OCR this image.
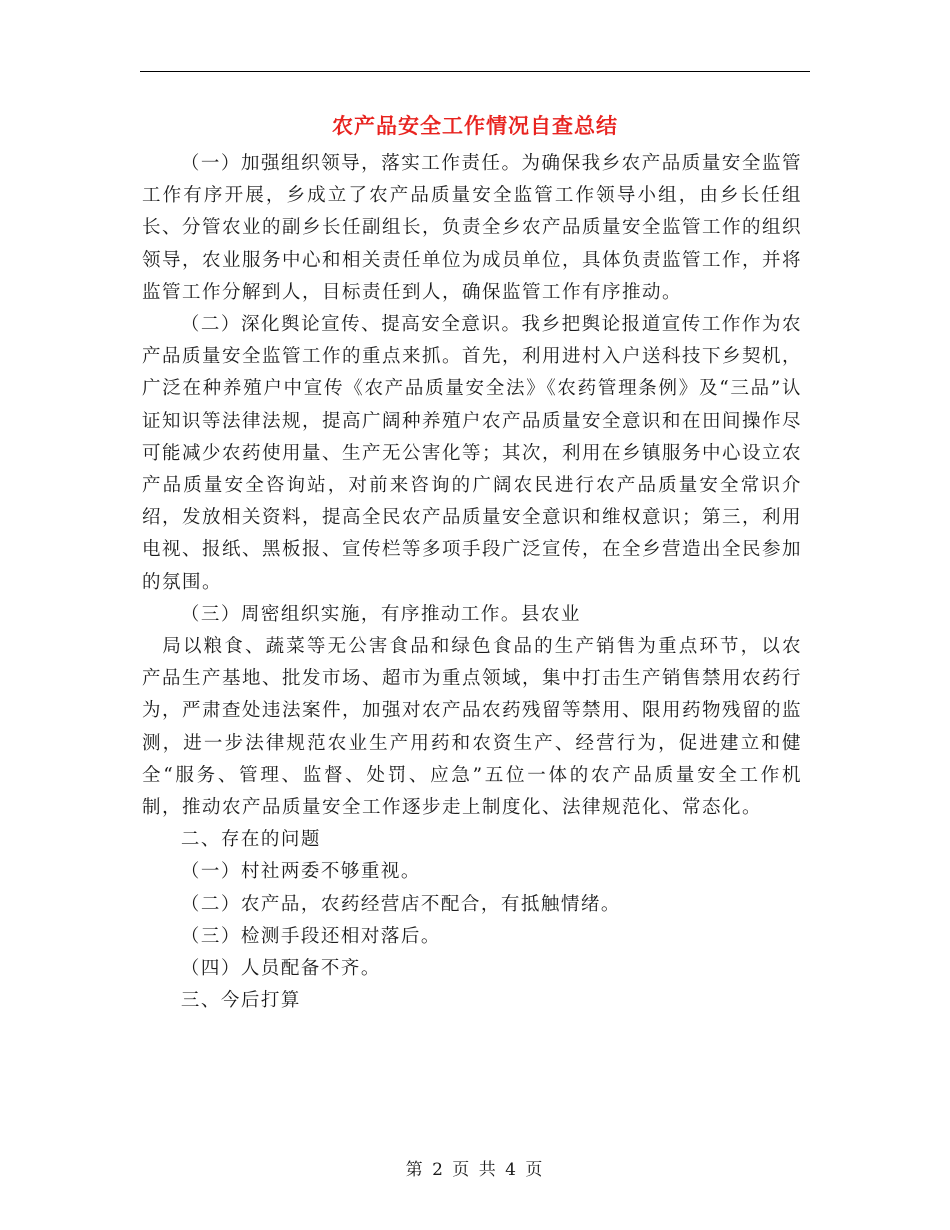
农产品安全工作情况自查总结

（一）加强组织领导，落实工作责任。为确保我乡农产品质量安全监管工作有序开展，乡成立了农产品质量安全监管工作领导小组，由乡长任组长、分管农业的副乡长任副组长，负责全乡农产品质量安全监管工作的组织领导，农业服务中心和相关责任单位为成员单位，具体负责监管工作，并将监管工作分解到人，目标责任到人，确保监管工作有序推动。

（二）深化舆论宣传、提高安全意识。我乡把舆论报道宣传工作作为农产品质量安全监管工作的重点来抓。首先，利用进村入户送科技下乡契机，广泛在种养殖户中宣传《农产品质量安全法》《农药管理条例》及“三品”认证知识等法律法规，提高广阔种养殖户农产品质量安全意识和在田间操作尽可能减少农药使用量、生产无公害化等；其次，利用在乡镇服务中心设立农产品质量安全咨询站，对前来咨询的广阔农民进行农产品质量安全常识介绍，发放相关资料，提高全民农产品质量安全意识和维权意识；第三，利用电视、报纸、黑板报、宣传栏等多项手段广泛宣传，在全乡营造出全民参加的氛围。

（三）周密组织实施，有序推动工作。县农业

局以粮食、蔬菜等无公害食品和绿色食品的生产销售为重点环节，以农产品生产基地、批发市场、超市为重点领域，集中打击生产销售禁用农药行为，严肃查处违法案件，加强对农产品农药残留等禁用、限用药物残留的监测，进一步法律规范农业生产用药和农资生产、经营行为，促进建立和健全“服务、管理、监督、处罚、应急”五位一体的农产品质量安全工作机制，推动农产品质量安全工作逐步走上制度化、法律规范化、常态化。

二、存在的问题

（一）村社两委不够重视。

（二）农产品，农药经营店不配合，有抵触情绪。

（三）检测手段还相对落后。

（四）人员配备不齐。

三、今后打算

第 2 页 共 4 页
